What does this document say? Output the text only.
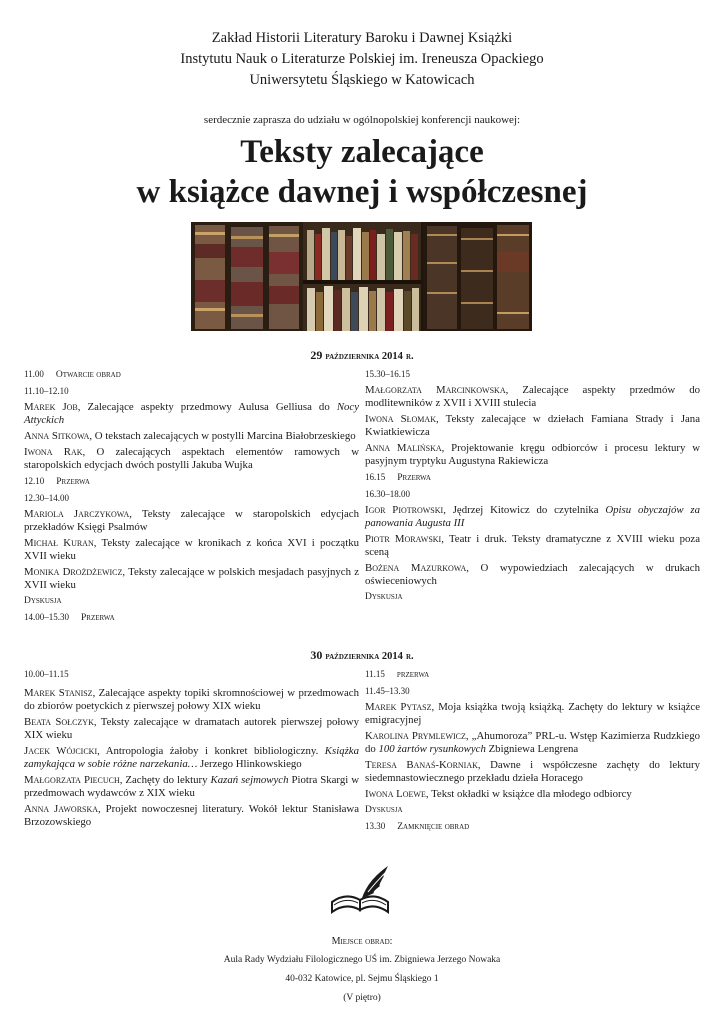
Zakład Historii Literatury Baroku i Dawnej Książki
Instytutu Nauk o Literaturze Polskiej im. Ireneusza Opackiego
Uniwersytetu Śląskiego w Katowicach
serdecznie zaprasza do udziału w ogólnopolskiej konferencji naukowej:
Teksty zalecające
w książce dawnej i współczesnej
29 października 2014 r.
11.00 Otwarcie obrad
11.10–12.10
Marek Job, Zalecające aspekty przedmowy Aulusa Gelliusa do Nocy Attyckich
Anna Sitkowa, O tekstach zalecających w postylli Marcina Białobrzeskiego
Iwona Rak, O zalecających aspektach elementów ramowych w staropolskich edycjach dwóch postylli Jakuba Wujka
12.10 Przerwa
12.30–14.00
Mariola Jarczykowa, Teksty zalecające w staropolskich edycjach przekładów Księgi Psalmów
Michał Kuran, Teksty zalecające w kronikach z końca XVI i początku XVII wieku
Monika Drożdżewicz, Teksty zalecające w polskich mesjadach pasyjnych z XVII wieku
Dyskusja
14.00–15.30 Przerwa
15.30–16.15
Małgorzata Marcinkowska, Zalecające aspekty przedmów do modlitewników z XVII i XVIII stulecia
Iwona Słomak, Teksty zalecające w dziełach Famiana Strady i Jana Kwiatkiewicza
Anna Malińska, Projektowanie kręgu odbiorców i procesu lektury w pasyjnym tryptyku Augustyna Rakiewicza
16.15 Przerwa
16.30–18.00
Igor Piotrowski, Jędrzej Kitowicz do czytelnika Opisu obyczajów za panowania Augusta III
Piotr Morawski, Teatr i druk. Teksty dramatyczne z XVIII wieku poza sceną
Bożena Mazurkowa, O wypowiedziach zalecających w drukach oświeceniowych
Dyskusja
30 października 2014 r.
10.00–11.15
Marek Stanisz, Zalecające aspekty topiki skromnościowej w przedmowach do zbiorów poetyckich z pierwszej połowy XIX wieku
Beata Sołczyk, Teksty zalecające w dramatach autorek pierwszej połowy XIX wieku
Jacek Wójcicki, Antropologia żałoby i konkret bibliologiczny. Książka zamykająca w sobie różne narzekania… Jerzego Hlinkowskiego
Małgorzata Piecuch, Zachęty do lektury Kazań sejmowych Piotra Skargi w przedmowach wydawców z XIX wieku
Anna Jaworska, Projekt nowoczesnej literatury. Wokół lektur Stanisława Brzozowskiego
11.15 przerwa
11.45–13.30
Marek Pytasz, Moja książka twoją książką. Zachęty do lektury w książce emigracyjnej
Karolina Prymlewicz, „Ahumoroza” PRL-u. Wstęp Kazimierza Rudzkiego do 100 żartów rysunkowych Zbigniewa Lengrena
Teresa Banaś-Korniak, Dawne i współczesne zachęty do lektury siedemnastowiecznego przekładu dzieła Horacego
Iwona Loewe, Tekst okładki w książce dla młodego odbiorcy
Dyskusja
13.30 Zamknięcie obrad
Miejsce obrad:
Aula Rady Wydziału Filologicznego UŚ im. Zbigniewa Jerzego Nowaka
40-032 Katowice, pl. Sejmu Śląskiego 1
(V piętro)
